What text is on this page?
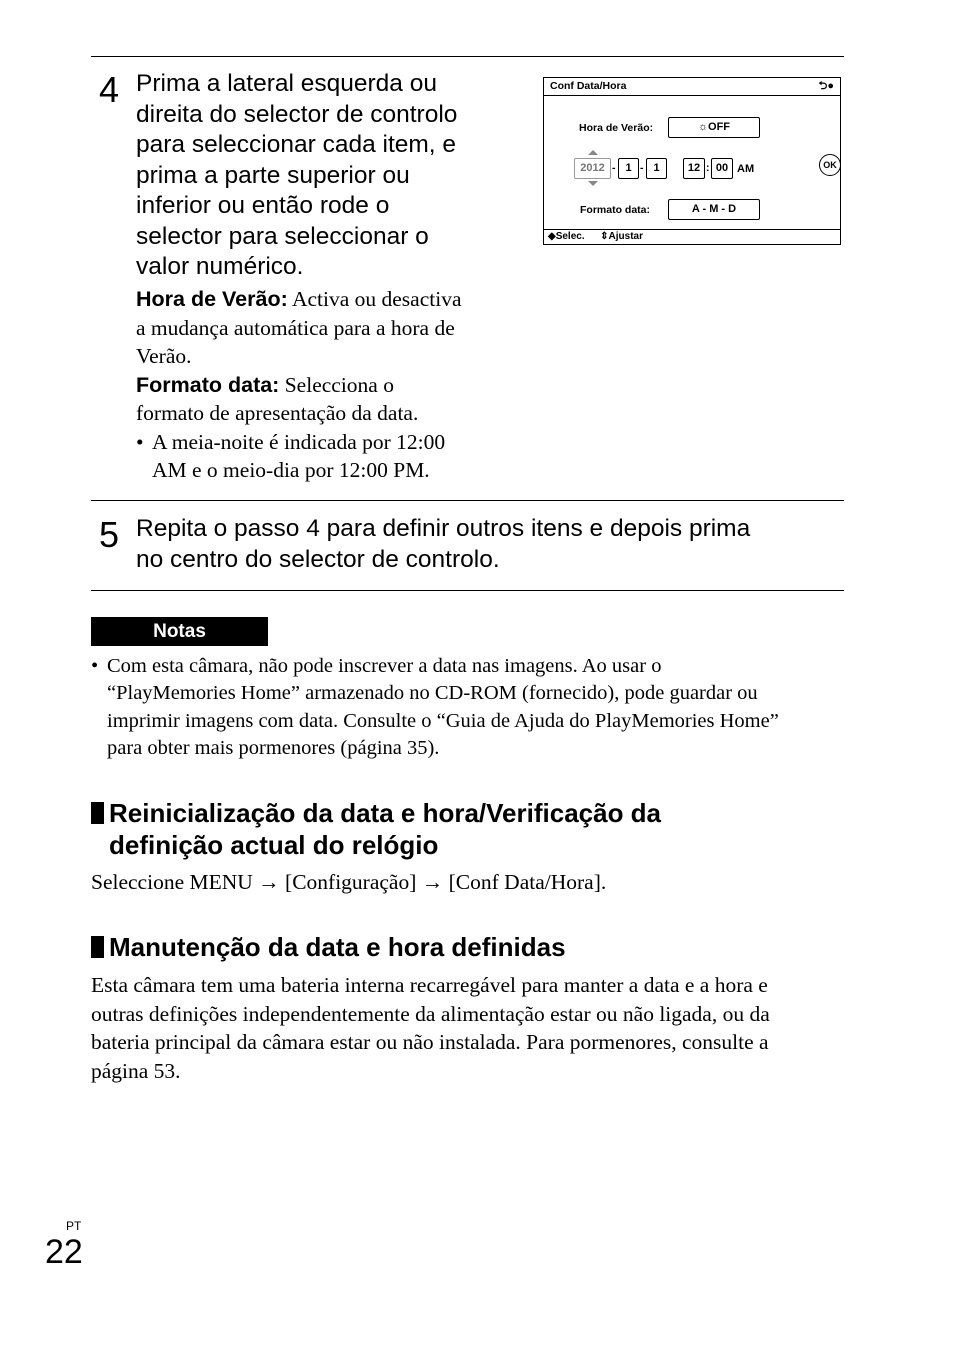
4 Prima a lateral esquerda ou
direita do selector de controlo
para seleccionar cada item, e
prima a parte superior ou
inferior ou então rode o
selector para seleccionar o
valor numérico.
Hora de Verão: Activa ou desactiva
a mudança automática para a hora de
Verão.
Formato data: Selecciona o
formato de apresentação da data.
• A meia-noite é indicada por 12:00
AM e o meio-dia por 12:00 PM.
Conf Data/Hora	⮌●
Hora de Verão:	☼OFF
2012 - 1 - 1	12 : 00 AM	OK
Formato data:	A - M - D
◆Selec. ⇕Ajustar
5 Repita o passo 4 para definir outros itens e depois prima
no centro do selector de controlo.
Notas
• Com esta câmara, não pode inscrever a data nas imagens. Ao usar o
“PlayMemories Home” armazenado no CD-ROM (fornecido), pode guardar ou
imprimir imagens com data. Consulte o “Guia de Ajuda do PlayMemories Home”
para obter mais pormenores (página 35).
Reinicialização da data e hora/Verificação da
definição actual do relógio
Seleccione MENU → [Configuração] → [Conf Data/Hora].
Manutenção da data e hora definidas
Esta câmara tem uma bateria interna recarregável para manter a data e a hora e
outras definições independentemente da alimentação estar ou não ligada, ou da
bateria principal da câmara estar ou não instalada. Para pormenores, consulte a
página 53.
PT
22
